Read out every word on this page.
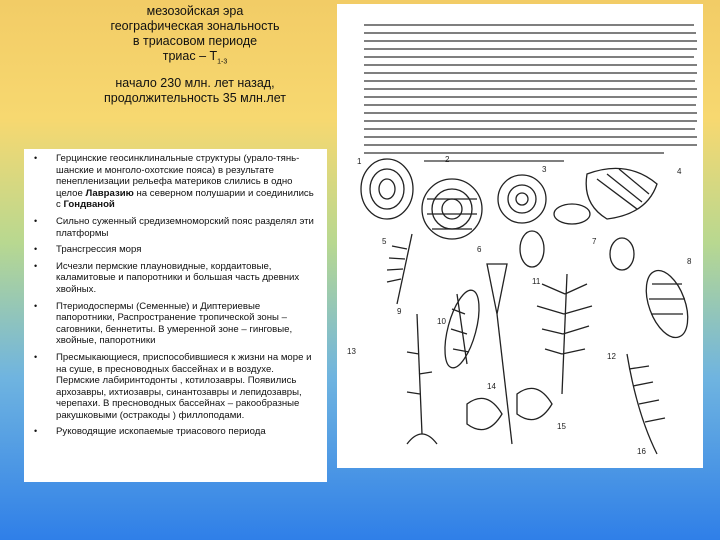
мезозойская эра
географическая зональность
в триасовом периоде
триас – $Т_{1-3}$
начало 230 млн. лет назад,
продолжительность 35 млн.лет
• Герцинские геосинклинальные структуры (урало-тянь-шанские и монголо-охотские пояса) в результате пенепленизации рельефа материков слились в одно целое Лавразию на северном полушарии и соединились с Гондваной
• Сильно суженный средиземноморский пояс разделял эти платформы
• Трансгрессия моря
• Исчезли пермские плауновидные, кордаитовые, каламитовые и папоротники и большая часть древних хвойных.
• Птериодоспермы (Семенные) и Диптериевые папоротники, Распространение тропической зоны – саговники, беннетиты. В умеренной зоне – гинговые, хвойные, папоротники
• Пресмыкающиеся, приспособившиеся к жизни на море и на суше, в пресноводных бассейнах и в воздухе. Пермские лабиринтодонты , котилозавры. Появились архозавры, ихтиозавры, синантозавры и лепидозавры, черепахи. В пресноводных бассейнах – ракообразные ракушковыми (остракоды ) филлоподами.
• Руководящие ископаемые триасового периода
1	2
3	4
5
6
7
8
9
10
11
12
13
14
15
16
